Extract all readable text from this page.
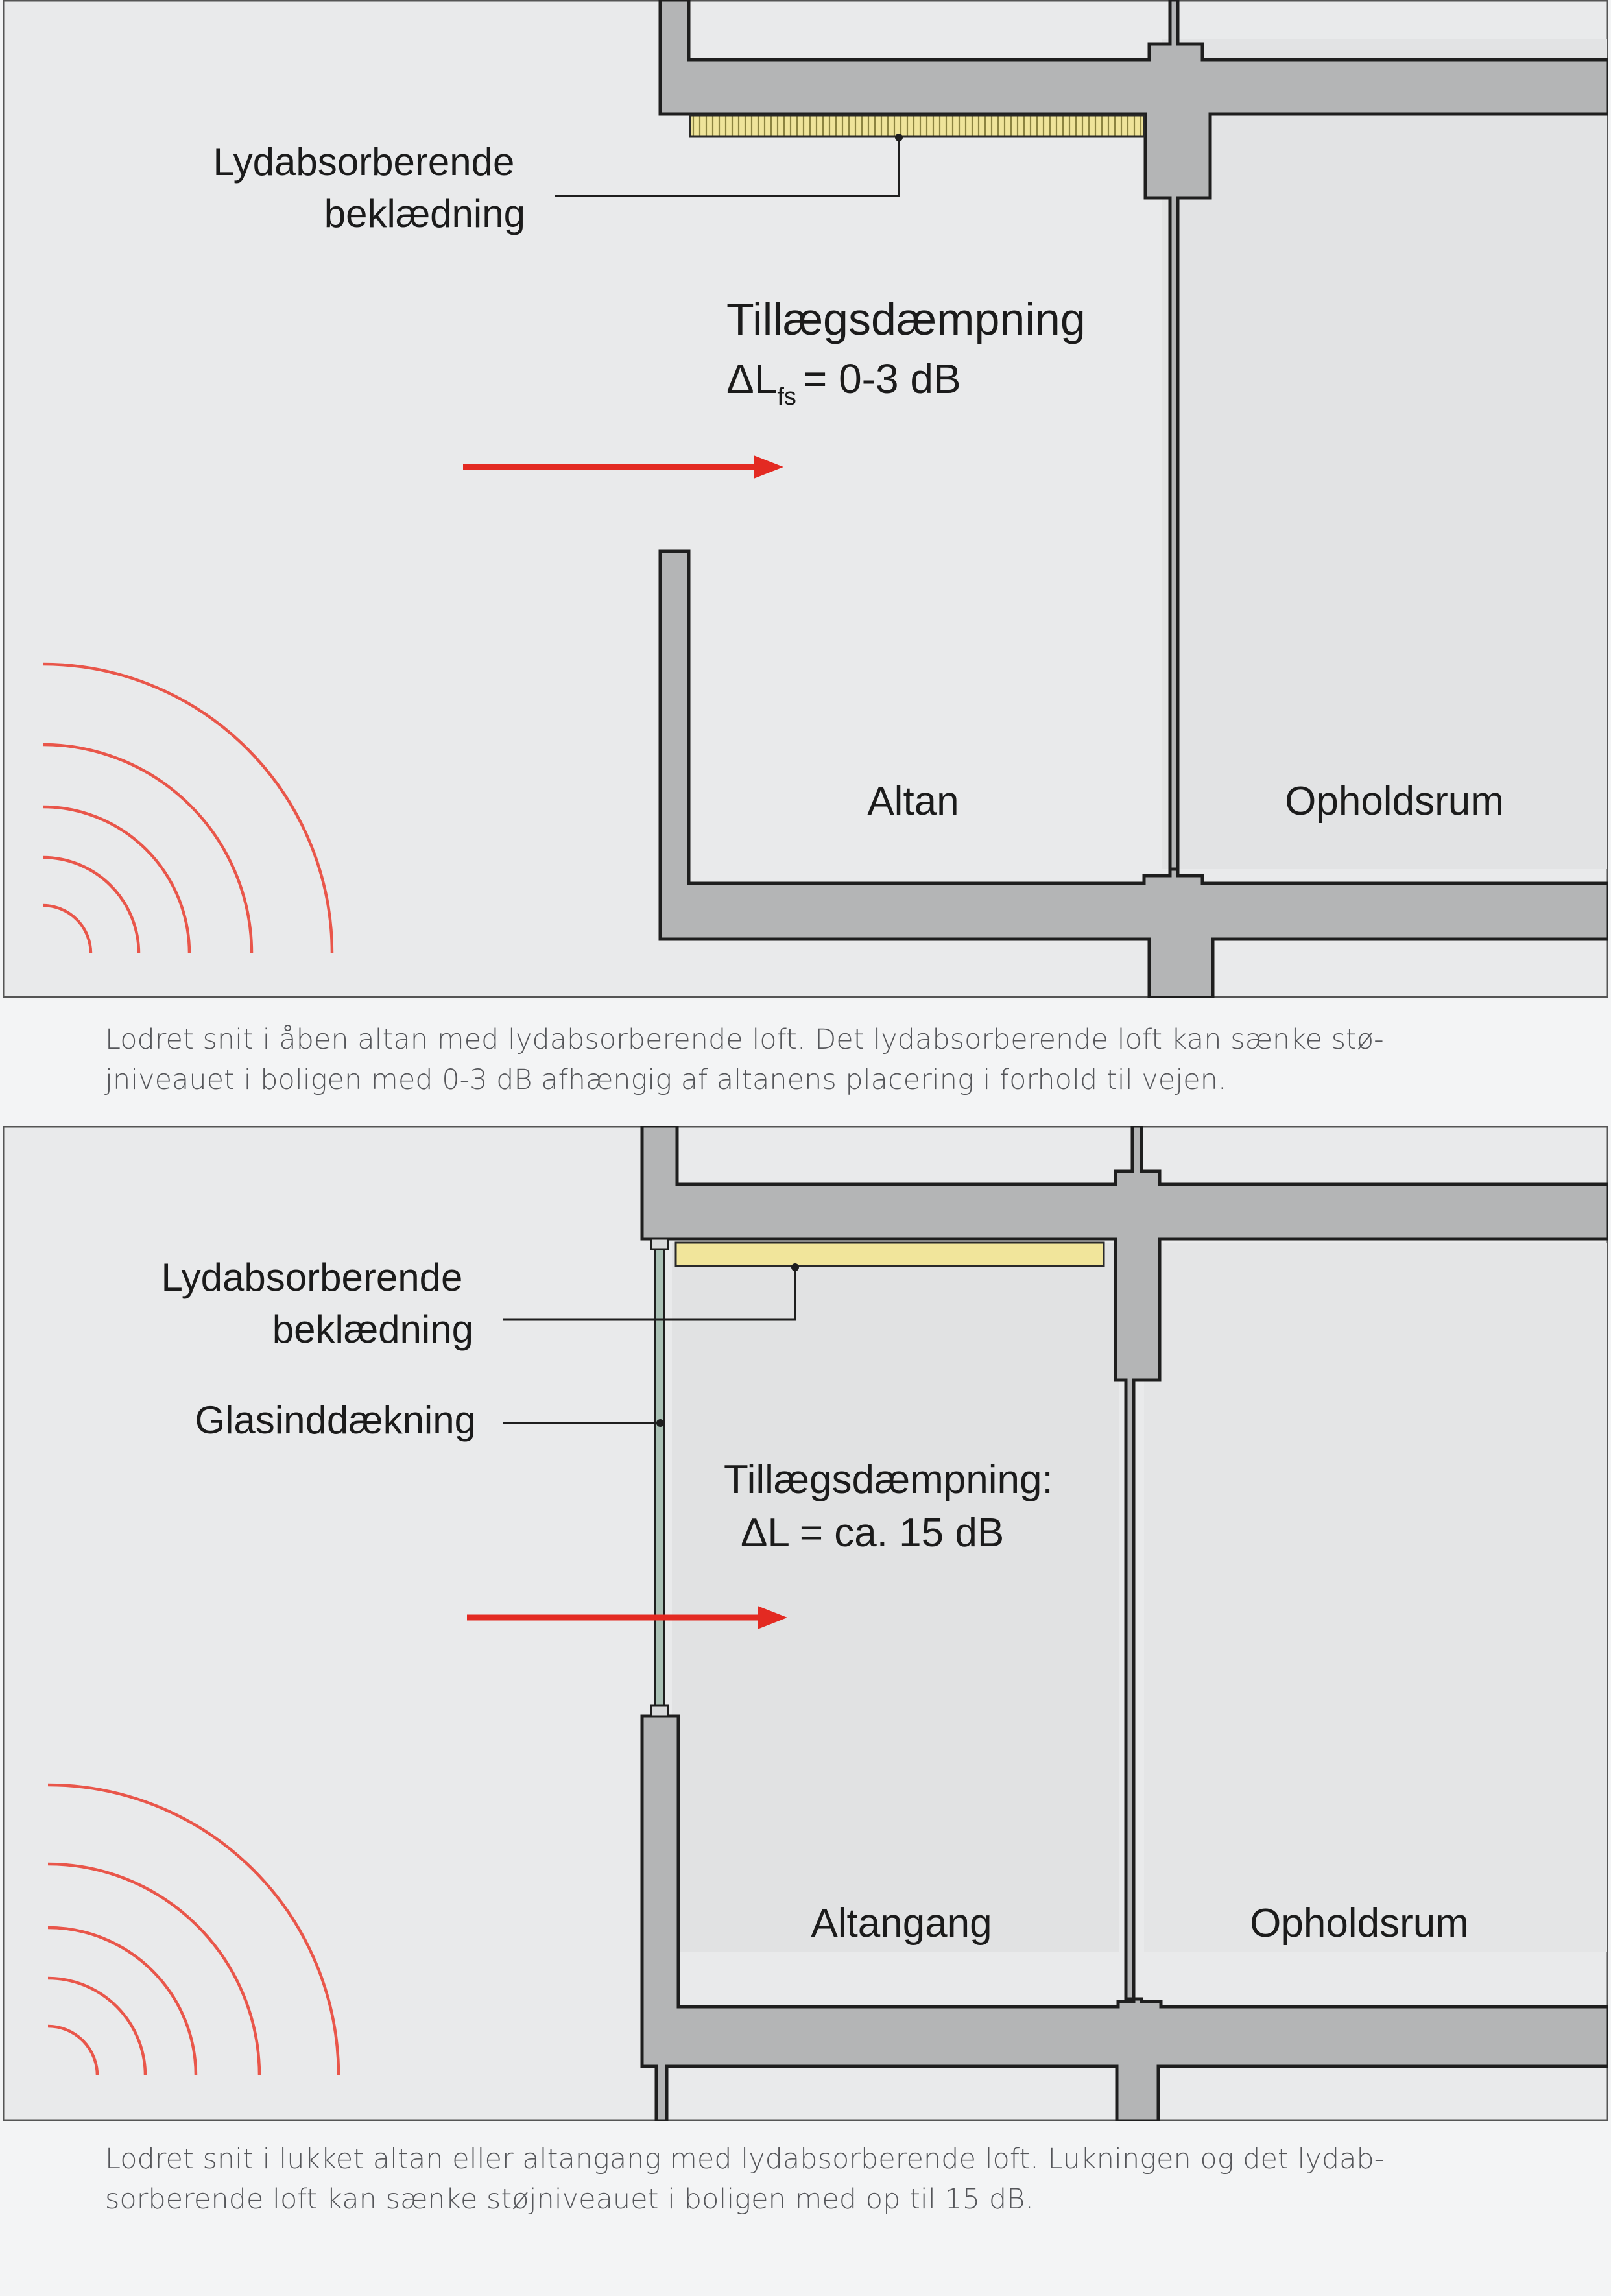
Lydabsorberende beklædning
Tillægsdæmpning
$\Delta L_{fs} = 0-3$ dB
Altan	Opholdsrum
Lodret snit i åben altan med lydabsorberende loft. Det lydabsorberende loft kan sænke stø-
jniveauet i boligen med 0-3 dB afhængig af altanens placering i forhold til vejen.
Lydabsorberende beklædning
Glasinddækning
Tillægsdæmpning:
ΔL = ca. 15 dB
Altangang	Opholdsrum
Lodret snit i lukket altan eller altangang med lydabsorberende loft. Lukningen og det lydab-
sorberende loft kan sænke støjniveauet i boligen med op til 15 dB.
